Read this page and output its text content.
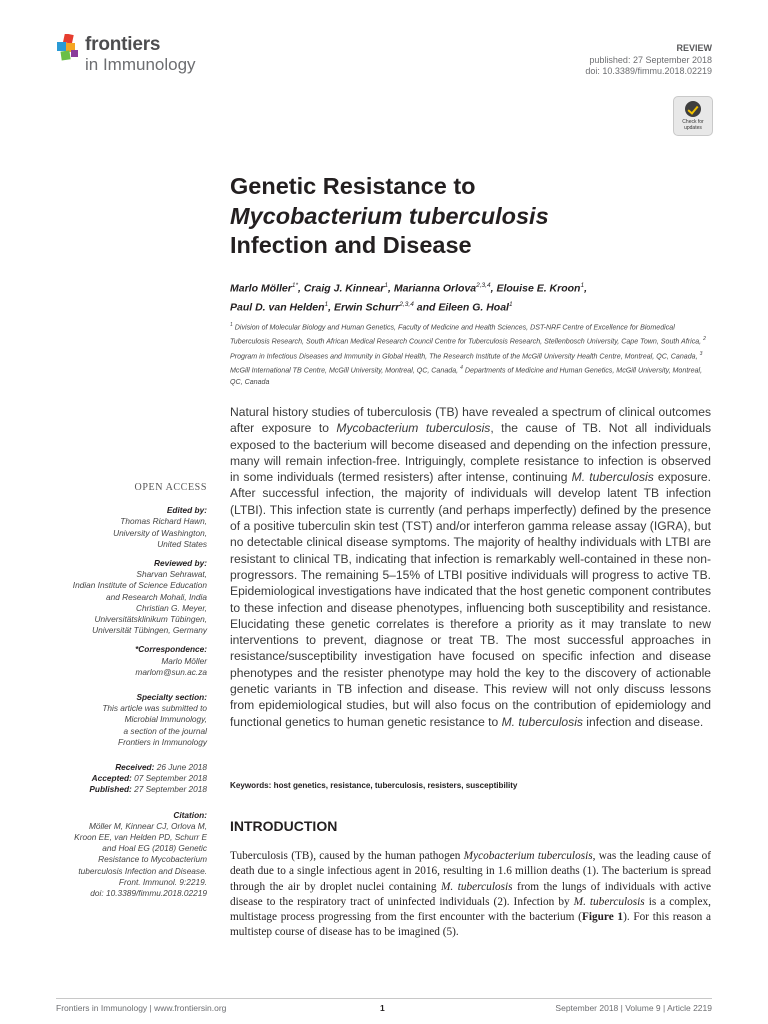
frontiers
in Immunology
REVIEW
published: 27 September 2018
doi: 10.3389/fimmu.2018.02219
Check for updates
Genetic Resistance to
Mycobacterium tuberculosis
Infection and Disease
Marlo Möller$^{1*}$, Craig J. Kinnear$^1$, Marianna Orlova$^{2,3,4}$, Elouise E. Kroon$^1$,
Paul D. van Helden$^1$, Erwin Schurr$^{2,3,4}$ and Eileen G. Hoal$^1$
$^1$ Division of Molecular Biology and Human Genetics, Faculty of Medicine and Health Sciences, DST-NRF Centre of Excellence for Biomedical Tuberculosis Research, South African Medical Research Council Centre for Tuberculosis Research, Stellenbosch University, Cape Town, South Africa, $^2$ Program in Infectious Diseases and Immunity in Global Health, The Research Institute of the McGill University Health Centre, Montreal, QC, Canada, $^3$ McGill International TB Centre, McGill University, Montreal, QC, Canada, $^4$ Departments of Medicine and Human Genetics, McGill University, Montreal, QC, Canada
Natural history studies of tuberculosis (TB) have revealed a spectrum of clinical outcomes after exposure to Mycobacterium tuberculosis, the cause of TB. Not all individuals exposed to the bacterium will become diseased and depending on the infection pressure, many will remain infection-free. Intriguingly, complete resistance to infection is observed in some individuals (termed resisters) after intense, continuing M. tuberculosis exposure. After successful infection, the majority of individuals will develop latent TB infection (LTBI). This infection state is currently (and perhaps imperfectly) defined by the presence of a positive tuberculin skin test (TST) and/or interferon gamma release assay (IGRA), but no detectable clinical disease symptoms. The majority of healthy individuals with LTBI are resistant to clinical TB, indicating that infection is remarkably well-contained in these non-progressors. The remaining 5–15% of LTBI positive individuals will progress to active TB. Epidemiological investigations have indicated that the host genetic component contributes to these infection and disease phenotypes, influencing both susceptibility and resistance. Elucidating these genetic correlates is therefore a priority as it may translate to new interventions to prevent, diagnose or treat TB. The most successful approaches in resistance/susceptibility investigation have focused on specific infection and disease phenotypes and the resister phenotype may hold the key to the discovery of actionable genetic variants in TB infection and disease. This review will not only discuss lessons from epidemiological studies, but will also focus on the contribution of epidemiology and functional genetics to human genetic resistance to M. tuberculosis infection and disease.
Keywords: host genetics, resistance, tuberculosis, resisters, susceptibility
INTRODUCTION
Tuberculosis (TB), caused by the human pathogen Mycobacterium tuberculosis, was the leading cause of death due to a single infectious agent in 2016, resulting in 1.6 million deaths (1). The bacterium is spread through the air by droplet nuclei containing M. tuberculosis from the lungs of individuals with active disease to the respiratory tract of uninfected individuals (2). Infection by M. tuberculosis is a complex, multistage process progressing from the first encounter with the bacterium (Figure 1). For this reason a multistep course of disease has to be imagined (5).
OPEN ACCESS
Edited by:
Thomas Richard Hawn,
University of Washington,
United States
Reviewed by:
Sharvan Sehrawat,
Indian Institute of Science Education
and Research Mohali, India
Christian G. Meyer,
Universitätsklinikum Tübingen,
Universität Tübingen, Germany
*Correspondence:
Marlo Möller
marlom@sun.ac.za
Specialty section:
This article was submitted to
Microbial Immunology,
a section of the journal
Frontiers in Immunology
Received: 26 June 2018
Accepted: 07 September 2018
Published: 27 September 2018
Citation:
Möller M, Kinnear CJ, Orlova M,
Kroon EE, van Helden PD, Schurr E
and Hoal EG (2018) Genetic
Resistance to Mycobacterium
tuberculosis Infection and Disease.
Front. Immunol. 9:2219.
doi: 10.3389/fimmu.2018.02219
Frontiers in Immunology | www.frontiersin.org	1	September 2018 | Volume 9 | Article 2219
